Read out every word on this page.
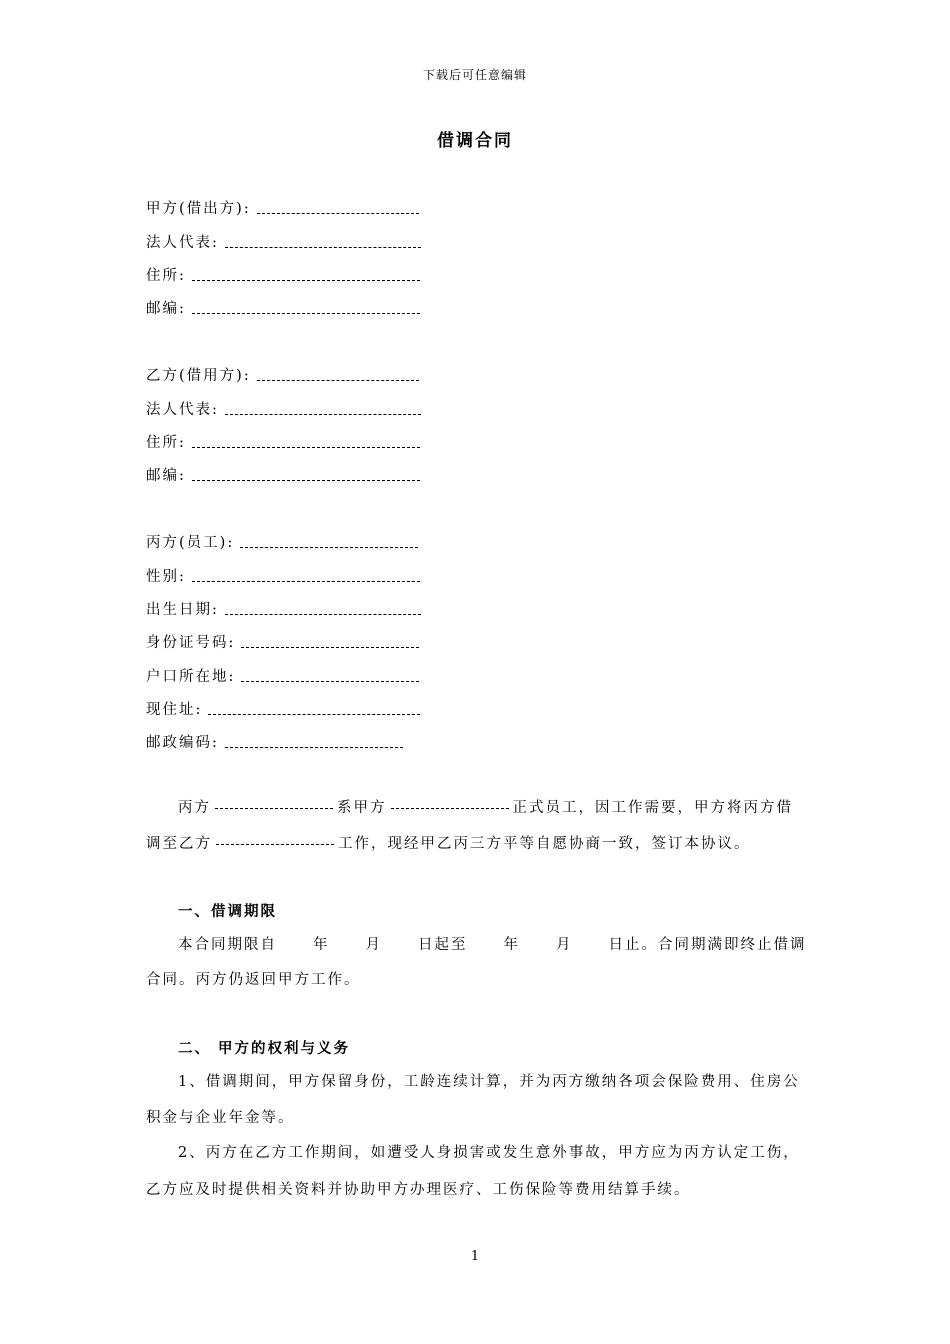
下载后可任意编辑
借调合同
甲方(借出方):
法人代表:
住所:
邮编:
乙方(借用方):
法人代表:
住所:
邮编:
丙方(员工):
性别:
出生日期:
身份证号码:
户口所在地:
现住址:
邮政编码:
丙方	系甲方	正式员工，因工作需要，甲方将丙方借
调至乙方	工作，现经甲乙丙三方平等自愿协商一致，签订本协议。
一、借调期限
本合同期限自 年 月 日起至 年 月 日止。合同期满即终止借调
合同。丙方仍返回甲方工作。
二、 甲方的权利与义务
1、借调期间，甲方保留身份，工龄连续计算，并为丙方缴纳各项会保险费用、住房公
积金与企业年金等。
2、丙方在乙方工作期间，如遭受人身损害或发生意外事故，甲方应为丙方认定工伤，
乙方应及时提供相关资料并协助甲方办理医疗、工伤保险等费用结算手续。
1
